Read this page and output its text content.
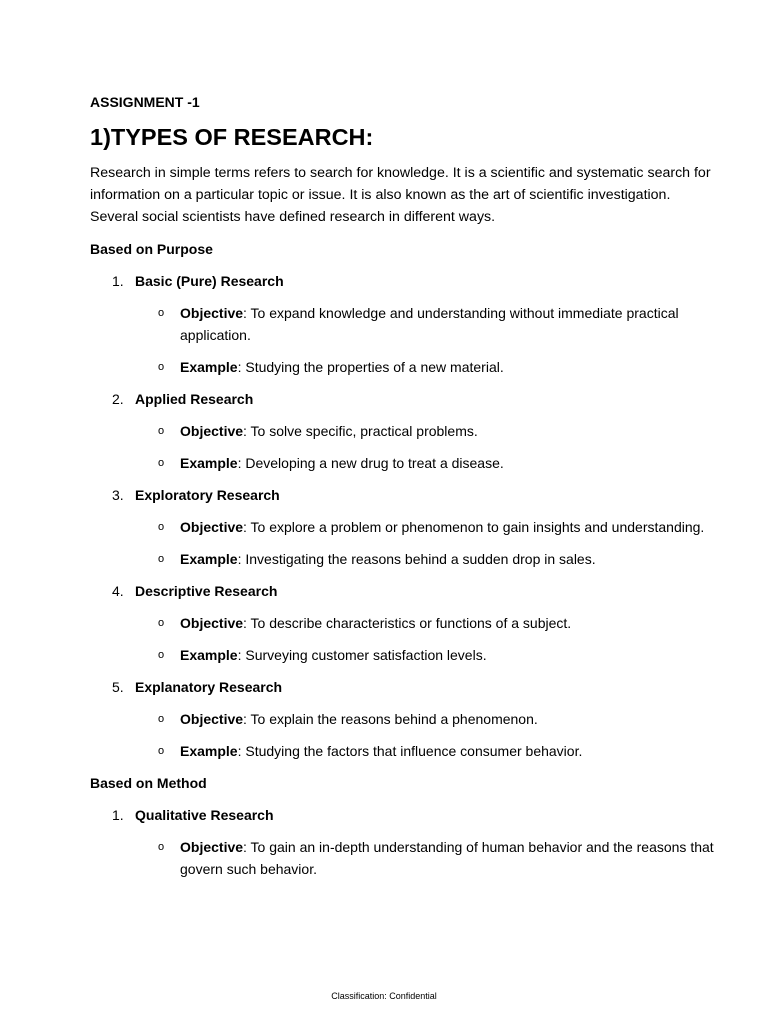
ASSIGNMENT -1

1)TYPES OF RESEARCH:

Research in simple terms refers to search for knowledge. It is a scientific and systematic search for information on a particular topic or issue. It is also known as the art of scientific investigation. Several social scientists have defined research in different ways.

Based on Purpose

1. Basic (Pure) Research
o Objective: To expand knowledge and understanding without immediate practical application.
o Example: Studying the properties of a new material.
2. Applied Research
o Objective: To solve specific, practical problems.
o Example: Developing a new drug to treat a disease.
3. Exploratory Research
o Objective: To explore a problem or phenomenon to gain insights and understanding.
o Example: Investigating the reasons behind a sudden drop in sales.
4. Descriptive Research
o Objective: To describe characteristics or functions of a subject.
o Example: Surveying customer satisfaction levels.
5. Explanatory Research
o Objective: To explain the reasons behind a phenomenon.
o Example: Studying the factors that influence consumer behavior.

Based on Method

1. Qualitative Research
o Objective: To gain an in-depth understanding of human behavior and the reasons that govern such behavior.
Classification: Confidential
